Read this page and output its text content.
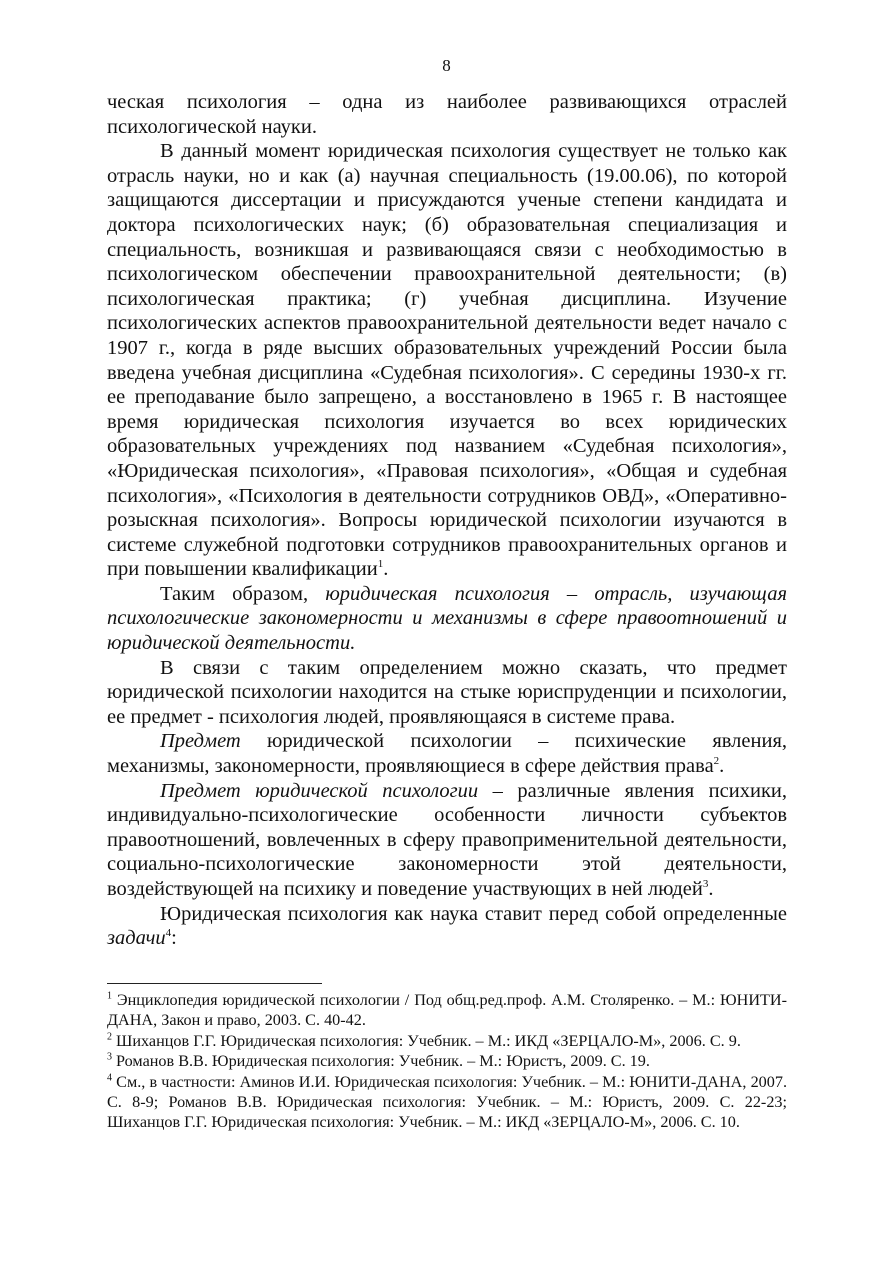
8

ческая психология – одна из наиболее развивающихся отраслей психологической науки.

В данный момент юридическая психология существует не только как отрасль науки, но и как (а) научная специальность (19.00.06), по которой защищаются диссертации и присуждаются ученые степени кандидата и доктора психологических наук; (б) образовательная специализация и специальность, возникшая и развивающаяся связи с необходимостью в психологическом обеспечении правоохранительной деятельности; (в) психологическая практика; (г) учебная дисциплина. Изучение психологических аспектов правоохранительной деятельности ведет начало с 1907 г., когда в ряде высших образовательных учреждений России была введена учебная дисциплина «Судебная психология». С середины 1930-х гг. ее преподавание было запрещено, а восстановлено в 1965 г. В настоящее время юридическая психология изучается во всех юридических образовательных учреждениях под названием «Судебная психология», «Юридическая психология», «Правовая психология», «Общая и судебная психология», «Психология в деятельности сотрудников ОВД», «Оперативно-розыскная психология». Вопросы юридической психологии изучаются в системе служебной подготовки сотрудников правоохранительных органов и при повышении квалификации$^1$.

Таким образом, юридическая психология – отрасль, изучающая психологические закономерности и механизмы в сфере правоотношений и юридической деятельности.

В связи с таким определением можно сказать, что предмет юридической психологии находится на стыке юриспруденции и психологии, ее предмет - психология людей, проявляющаяся в системе права.

Предмет юридической психологии – психические явления, механизмы, закономерности, проявляющиеся в сфере действия права$^2$.

Предмет юридической психологии – различные явления психики, индивидуально-психологические особенности личности субъектов правоотношений, вовлеченных в сферу правоприменительной деятельности, социально-психологические закономерности этой деятельности, воздействующей на психику и поведение участвующих в ней людей$^3$.

Юридическая психология как наука ставит перед собой определенные задачи$^4$:

$^1$ Энциклопедия юридической психологии / Под общ.ред.проф. А.М. Столяренко. – М.: ЮНИТИ-ДАНА, Закон и право, 2003. С. 40-42.

$^2$ Шиханцов Г.Г. Юридическая психология: Учебник. – М.: ИКД «ЗЕРЦАЛО-М», 2006. С. 9.

$^3$ Романов В.В. Юридическая психология: Учебник. – М.: Юристъ, 2009. С. 19.

$^4$ См., в частности: Аминов И.И. Юридическая психология: Учебник. – М.: ЮНИТИ-ДАНА, 2007. С. 8-9; Романов В.В. Юридическая психология: Учебник. – М.: Юристъ, 2009. С. 22-23; Шиханцов Г.Г. Юридическая психология: Учебник. – М.: ИКД «ЗЕРЦАЛО-М», 2006. С. 10.
